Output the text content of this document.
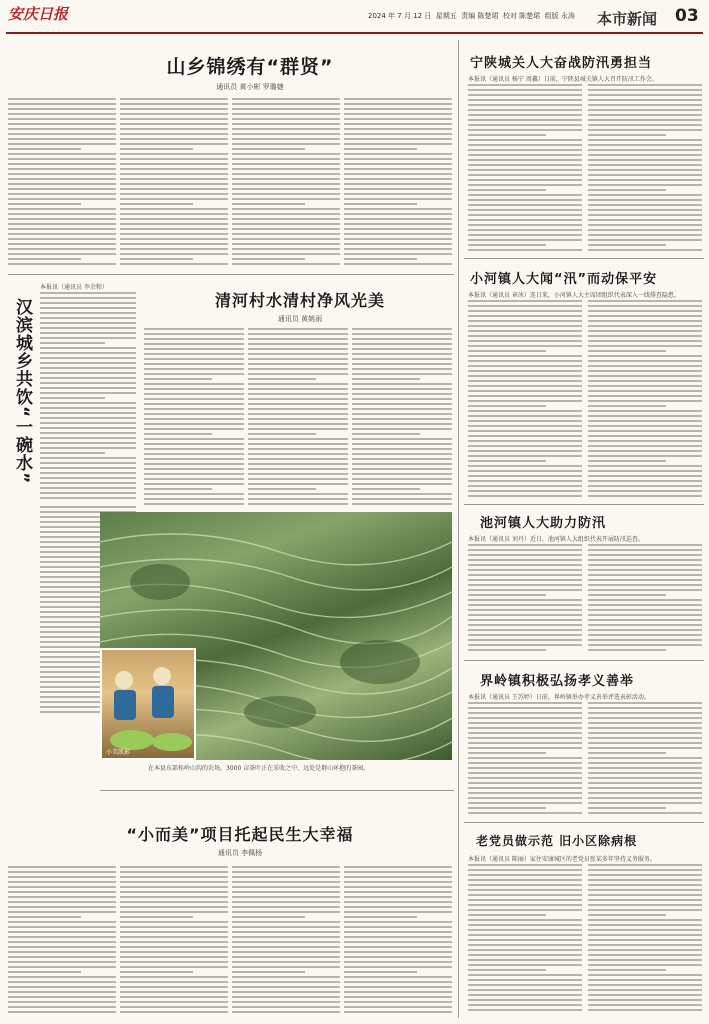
安庆日报	2024 年 7 月 12 日 星期五 责编 陈楚珺 校对 陈楚珺 组版 永涛 本市新闻 03
山乡锦绣有“群贤”
通讯员 黄小彬 罗璐婕
汉滨城乡共饮“一碗水”
本报讯（通讯员 李余和）
清河村水清村净风光美
通讯员 黄姚雨
小美凯影
在本县东部桂岭山沟的农场，3000 亩茶叶正在采收之中，远处是群山环抱的茶园。
“小而美”项目托起民生大幸福
通讯员 李佩杨
宁陕城关人大奋战防汛勇担当
本报讯（通讯员 杨宁 周鑫）日前，宁陕县城关镇人大召开防汛工作会。
小河镇人大闻“汛”而动保平安
本报讯（通讯员 章冰）连日来，小河镇人大主席团组织代表深入一线排查隐患。
池河镇人大助力防汛
本报讯（通讯员 刘丹）近日，池河镇人大组织代表开展防汛巡查。
界岭镇积极弘扬孝义善举
本报讯（通讯员 王苏婷）日前，界岭镇举办孝义善举评选表彰活动。
老党员做示范 旧小区除病根
本报讯（通讯员 陈丽）家住安康城区的老党员张某多年坚持义务服务。
